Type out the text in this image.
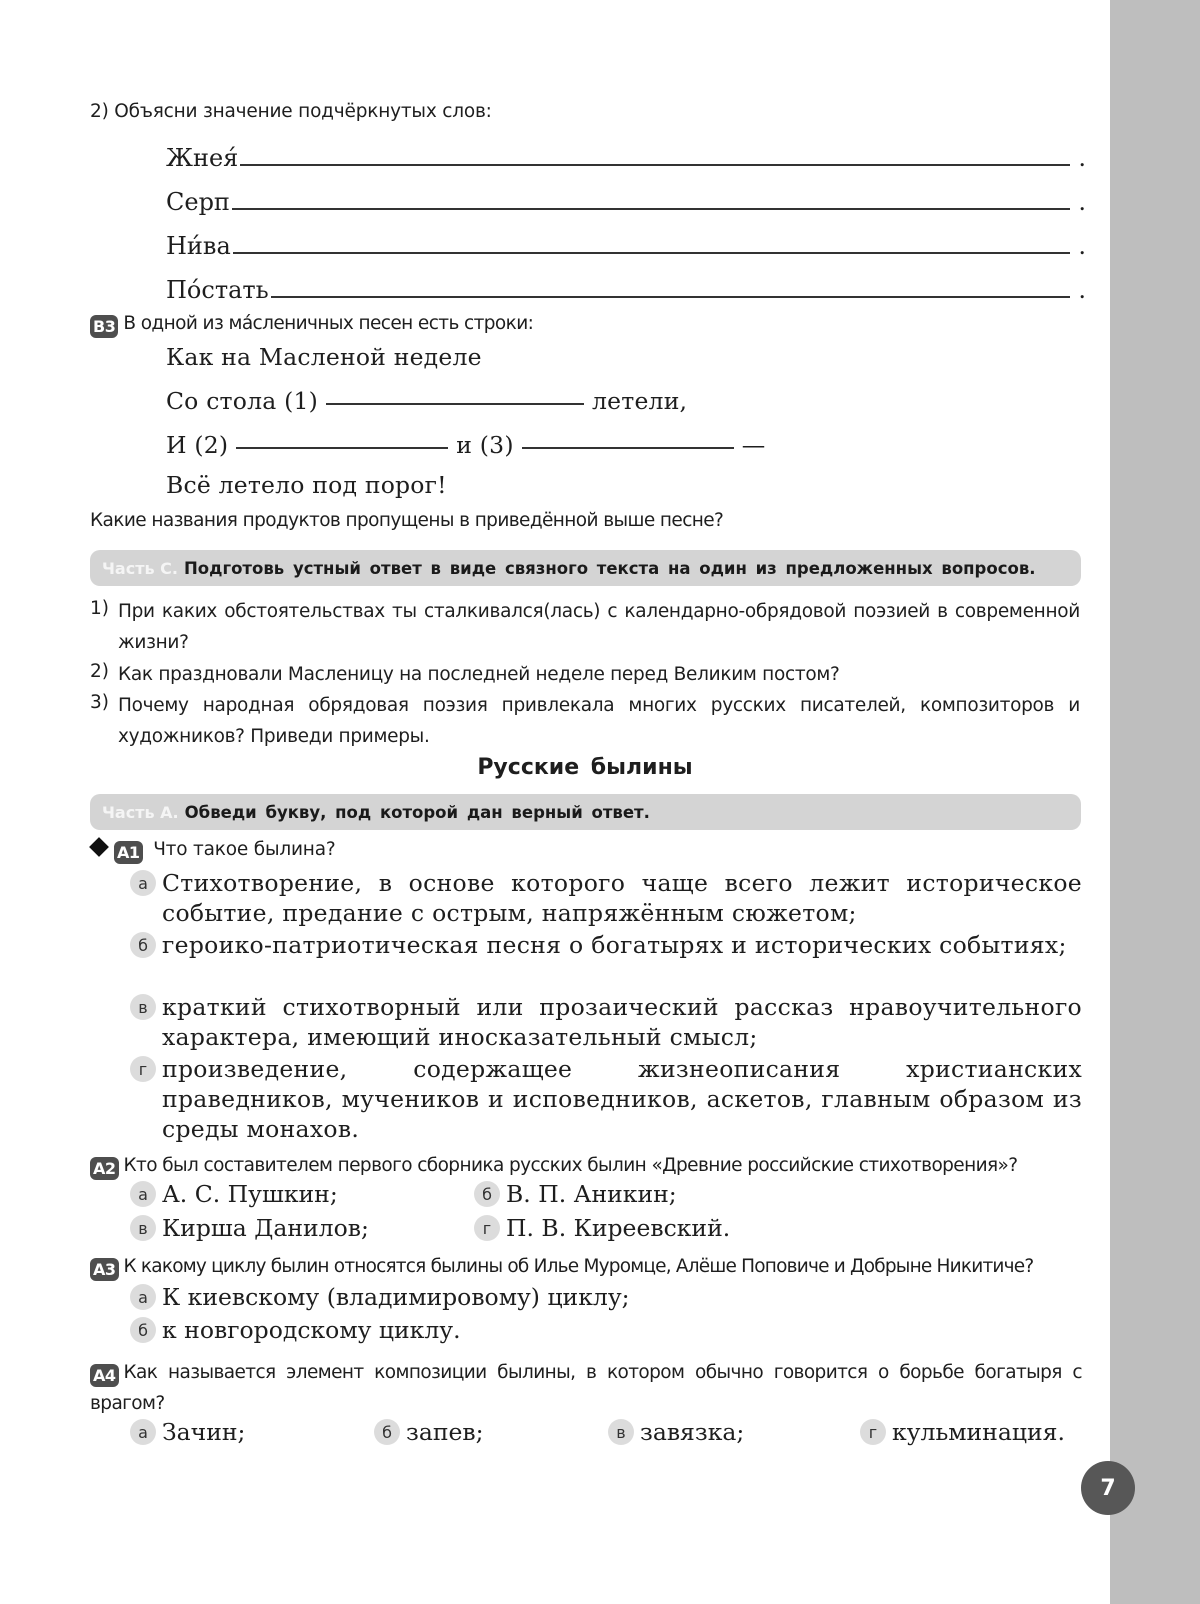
7
2) Объясни значение подчёркнутых слов:
Жнея́	.
Серп	.
Ни́ва	.
По́стать	.
B3 В одной из ма́сленичных песен есть строки:
Как на Масленой неделе
Со стола (1)	летели,
И (2)	и (3)	—
Всё летело под порог!
Какие названия продуктов пропущены в приведённой выше песне?
Часть С. Подготовь устный ответ в виде связного текста на один из предложенных вопросов.
1) При каких обстоятельствах ты сталкивался(лась) с календарно-обрядовой поэзией в современной жизни?
2) Как праздновали Масленицу на последней неделе перед Великим постом?
3) Почему народная обрядовая поэзия привлекала многих русских писателей, композиторов и художников? Приведи примеры.
Русские былины
Часть А. Обведи букву, под которой дан верный ответ.
A1 Что такое былина?
а Стихотворение, в основе которого чаще всего лежит историческое событие, предание с острым, напряжённым сюжетом;
б героико-патриотическая песня о богатырях и исторических событиях;
в краткий стихотворный или прозаический рассказ нравоучительного характера, имеющий иносказательный смысл;
г произведение, содержащее жизнеописания христианских праведников, мучеников и исповедников, аскетов, главным образом из среды монахов.
A2 Кто был составителем первого сборника русских былин «Древние российские стихотворения»?
а А. С. Пушкин;	б В. П. Аникин;
в Кирша Данилов;	г П. В. Киреевский.
A3 К какому циклу былин относятся былины об Илье Муромце, Алёше Поповиче и Добрыне Никитиче?
а К киевскому (владимировому) циклу;
б к новгородскому циклу.
A4 Как называется элемент композиции былины, в котором обычно говорится о борьбе богатыря с врагом?
а Зачин;	б запев;	в завязка;	г кульминация.
